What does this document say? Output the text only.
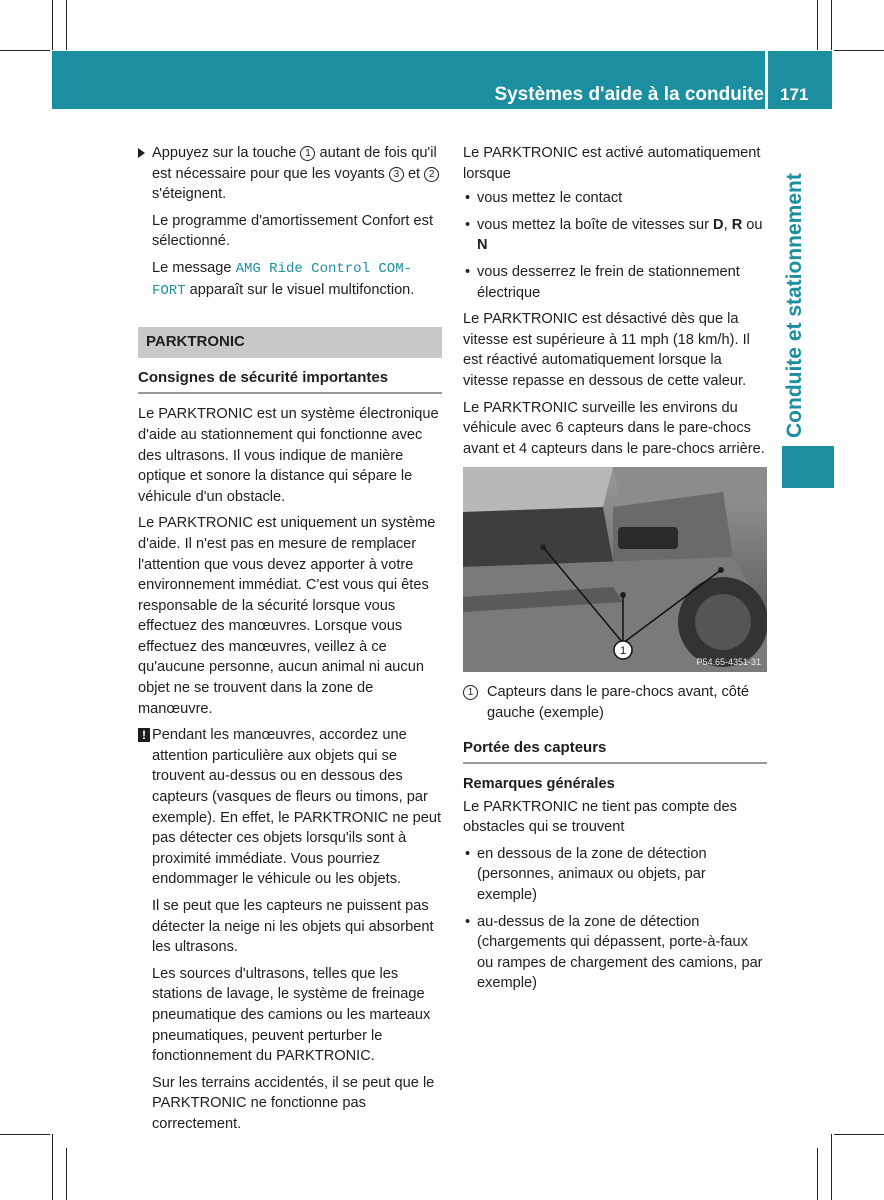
Systèmes d'aide à la conduite 171
Conduite et stationnement

Appuyez sur la touche 1 autant de fois qu'il est nécessaire pour que les voyants 3 et 2 s'éteignent.

Le programme d'amortissement Confort est sélectionné.

Le message AMG Ride Control COM-FORT apparaît sur le visuel multifonction.

PARKTRONIC
Consignes de sécurité importantes

Le PARKTRONIC est un système électronique d'aide au stationnement qui fonctionne avec des ultrasons. Il vous indique de manière optique et sonore la distance qui sépare le véhicule d'un obstacle.

Le PARKTRONIC est uniquement un système d'aide. Il n'est pas en mesure de remplacer l'attention que vous devez apporter à votre environnement immédiat. C'est vous qui êtes responsable de la sécurité lorsque vous effectuez des manœuvres. Lorsque vous effectuez des manœuvres, veillez à ce qu'aucune personne, aucun animal ni aucun objet ne se trouvent dans la zone de manœuvre.

! Pendant les manœuvres, accordez une attention particulière aux objets qui se trouvent au-dessus ou en dessous des capteurs (vasques de fleurs ou timons, par exemple). En effet, le PARKTRONIC ne peut pas détecter ces objets lorsqu'ils sont à proximité immédiate. Vous pourriez endommager le véhicule ou les objets.

Il se peut que les capteurs ne puissent pas détecter la neige ni les objets qui absorbent les ultrasons.

Les sources d'ultrasons, telles que les stations de lavage, le système de freinage pneumatique des camions ou les marteaux pneumatiques, peuvent perturber le fonctionnement du PARKTRONIC.

Sur les terrains accidentés, il se peut que le PARKTRONIC ne fonctionne pas correctement.

Le PARKTRONIC est activé automatiquement lorsque

• vous mettez le contact

• vous mettez la boîte de vitesses sur D, R ou N

• vous desserrez le frein de stationnement électrique

Le PARKTRONIC est désactivé dès que la vitesse est supérieure à 11 mph (18 km/h). Il est réactivé automatiquement lorsque la vitesse repasse en dessous de cette valeur.

Le PARKTRONIC surveille les environs du véhicule avec 6 capteurs dans le pare-chocs avant et 4 capteurs dans le pare-chocs arrière.

1
P54.65-4351-31

1 Capteurs dans le pare-chocs avant, côté gauche (exemple)

Portée des capteurs
Remarques générales

Le PARKTRONIC ne tient pas compte des obstacles qui se trouvent

• en dessous de la zone de détection (personnes, animaux ou objets, par exemple)

• au-dessus de la zone de détection (chargements qui dépassent, porte-à-faux ou rampes de chargement des camions, par exemple)
